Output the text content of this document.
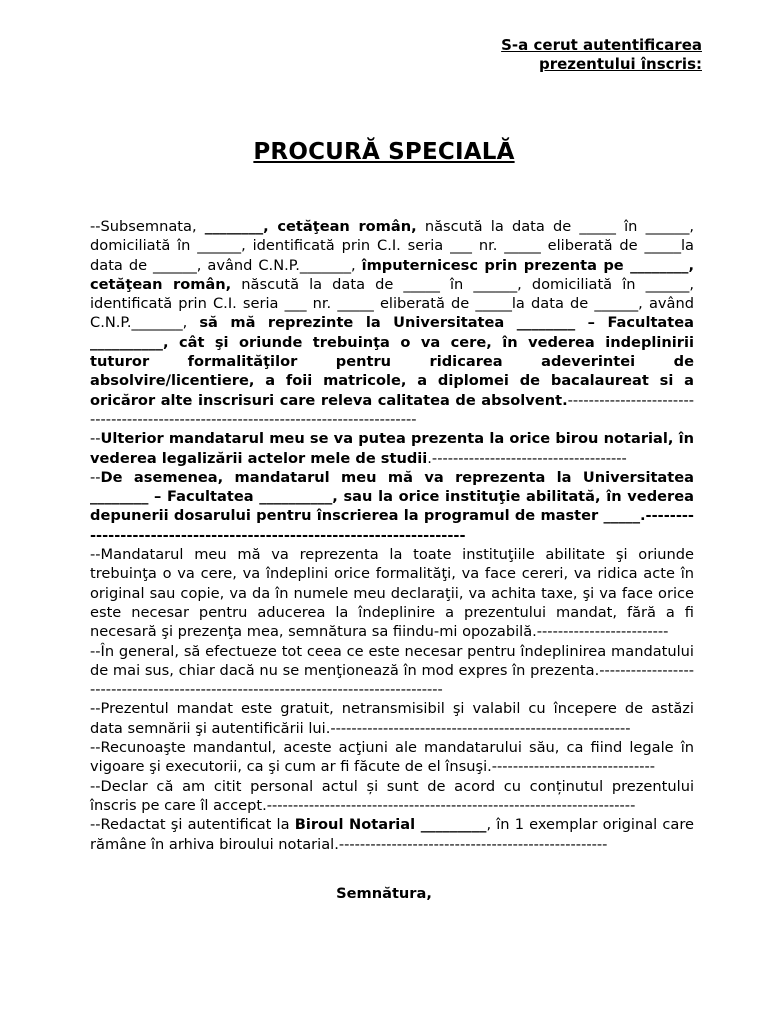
S-a cerut autentificarea
prezentului înscris:
PROCURĂ SPECIALĂ

--Subsemnata, ________, cetăţean român, născută la data de _____ în ______, domiciliată în ______, identificată prin C.I. seria ___ nr. _____ eliberată de _____la data de ______, având C.N.P._______, împuternicesc prin prezenta pe ________, cetăţean român, născută la data de _____ în ______, domiciliată în ______, identificată prin C.I. seria ___ nr. _____ eliberată de _____la data de ______, având C.N.P._______, să mă reprezinte la Universitatea ________ – Facultatea __________, cât şi oriunde trebuinţa o va cere, în vederea indeplinirii tuturor formalităţilor pentru ridicarea adeverintei de absolvire/licentiere, a foii matricole, a diplomei de bacalaureat si a oricăror alte inscrisuri care releva calitatea de absolvent.--------------------------------------------------------------------------------------

--Ulterior mandatarul meu se va putea prezenta la orice birou notarial, în vederea legalizării actelor mele de studii.-------------------------------------

--De asemenea, mandatarul meu mă va reprezenta la Universitatea ________ – Facultatea __________, sau la orice instituţie abilitată, în vederea depunerii dosarului pentru înscrierea la programul de master _____.----------------------------------------------------------------------

--Mandatarul meu mă va reprezenta la toate instituţiile abilitate şi oriunde trebuinţa o va cere, va îndeplini orice formalităţi, va face cereri, va ridica acte în original sau copie, va da în numele meu declaraţii, va achita taxe, şi va face orice este necesar pentru aducerea la îndeplinire a prezentului mandat, fără a fi necesară şi prezenţa mea, semnătura sa fiindu-mi opozabilă.-------------------------

--În general, să efectueze tot ceea ce este necesar pentru îndeplinirea mandatului de mai sus, chiar dacă nu se menţionează în mod expres în prezenta.-------------------------------------------------------------------------------------

--Prezentul mandat este gratuit, netransmisibil şi valabil cu începere de astăzi data semnării şi autentificării lui.---------------------------------------------------------

--Recunoaşte mandantul, aceste acţiuni ale mandatarului său, ca fiind legale în vigoare şi executorii, ca şi cum ar fi făcute de el însuşi.-------------------------------

--Declar că am citit personal actul și sunt de acord cu conținutul prezentului înscris pe care îl accept.----------------------------------------------------------------------

--Redactat şi autentificat la Biroul Notarial _________, în 1 exemplar original care rămâne în arhiva biroului notarial.---------------------------------------------------

Semnătura,
